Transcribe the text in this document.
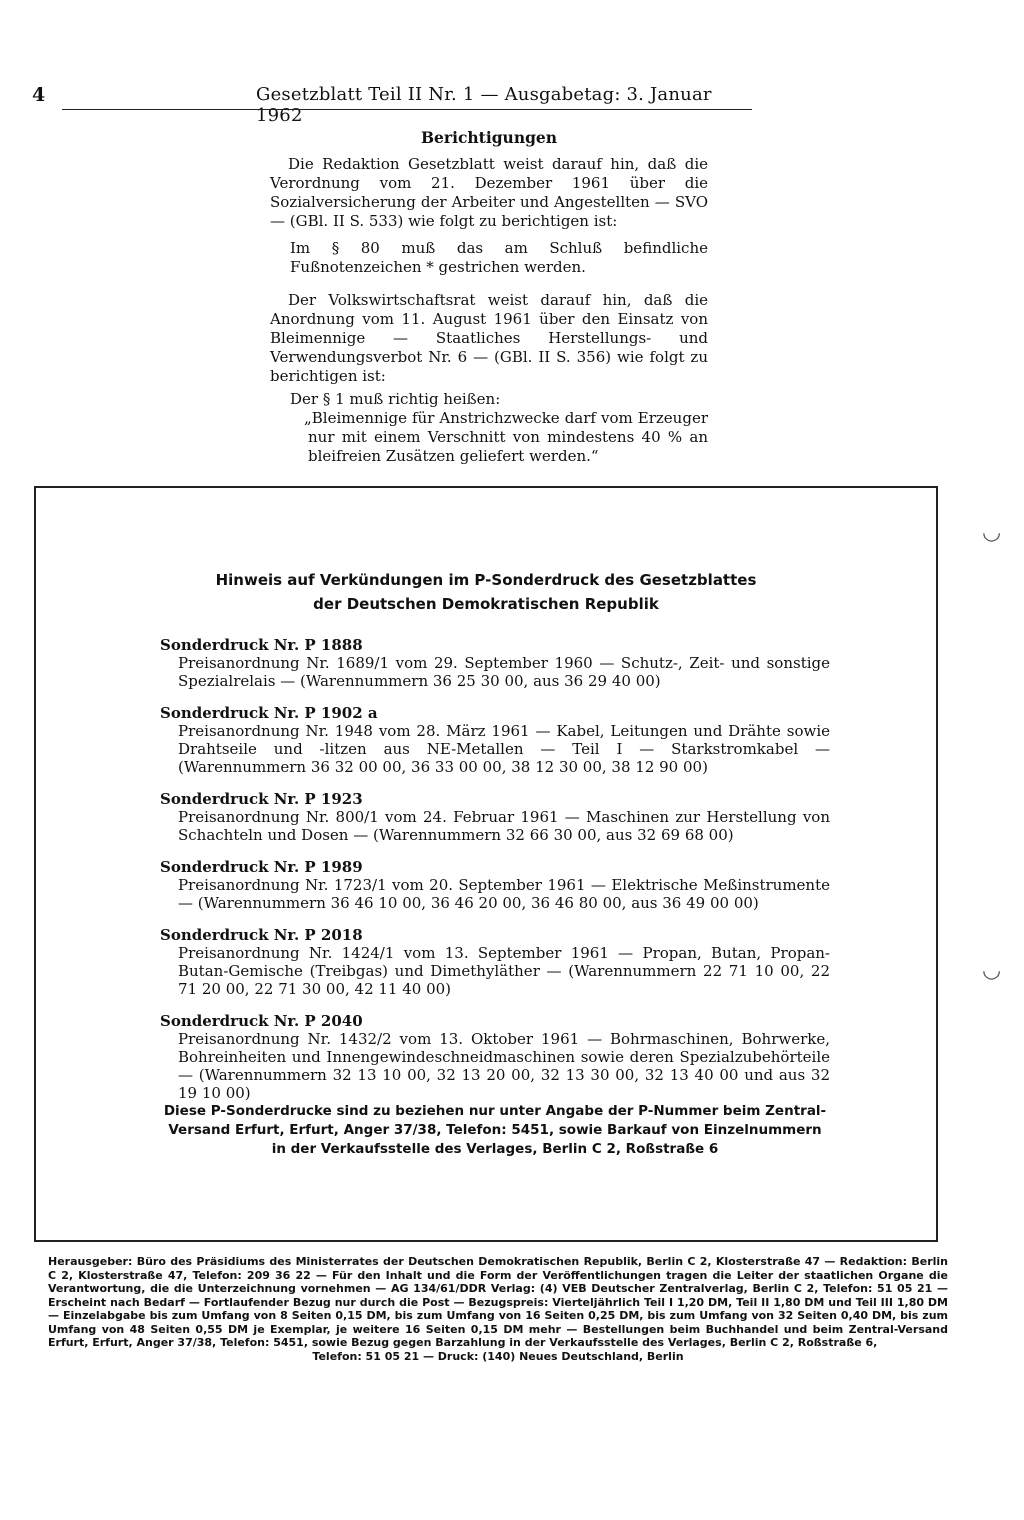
4	Gesetzblatt Teil II Nr. 1 — Ausgabetag: 3. Januar 1962
Berichtigungen

Die Redaktion Gesetzblatt weist darauf hin, daß die Verordnung vom 21. Dezember 1961 über die Sozialversicherung der Arbeiter und Angestellten — SVO — (GBl. II S. 533) wie folgt zu berichtigen ist:

Im § 80 muß das am Schluß befindliche Fußnotenzeichen * gestrichen werden.

Der Volkswirtschaftsrat weist darauf hin, daß die Anordnung vom 11. August 1961 über den Einsatz von Bleimennige — Staatliches Herstellungs- und Verwendungsverbot Nr. 6 — (GBl. II S. 356) wie folgt zu berichtigen ist:

Der § 1 muß richtig heißen:

„Bleimennige für Anstrichzwecke darf vom Erzeuger nur mit einem Verschnitt von mindestens 40 % an bleifreien Zusätzen geliefert werden.“

Hinweis auf Verkündungen im P-Sonderdruck des Gesetzblattes
der Deutschen Demokratischen Republik

Sonderdruck Nr. P 1888

Preisanordnung Nr. 1689/1 vom 29. September 1960 — Schutz-, Zeit- und sonstige Spezialrelais — (Warennummern 36 25 30 00, aus 36 29 40 00)

Sonderdruck Nr. P 1902 a

Preisanordnung Nr. 1948 vom 28. März 1961 — Kabel, Leitungen und Drähte sowie Drahtseile und -litzen aus NE-Metallen — Teil I — Starkstromkabel — (Warennummern 36 32 00 00, 36 33 00 00, 38 12 30 00, 38 12 90 00)

Sonderdruck Nr. P 1923

Preisanordnung Nr. 800/1 vom 24. Februar 1961 — Maschinen zur Herstellung von Schachteln und Dosen — (Warennummern 32 66 30 00, aus 32 69 68 00)

Sonderdruck Nr. P 1989

Preisanordnung Nr. 1723/1 vom 20. September 1961 — Elektrische Meßinstrumente — (Warennummern 36 46 10 00, 36 46 20 00, 36 46 80 00, aus 36 49 00 00)

Sonderdruck Nr. P 2018

Preisanordnung Nr. 1424/1 vom 13. September 1961 — Propan, Butan, Propan-Butan-Gemische (Treibgas) und Dimethyläther — (Warennummern 22 71 10 00, 22 71 20 00, 22 71 30 00, 42 11 40 00)

Sonderdruck Nr. P 2040

Preisanordnung Nr. 1432/2 vom 13. Oktober 1961 — Bohrmaschinen, Bohrwerke, Bohreinheiten und Innengewindeschneidmaschinen sowie deren Spezialzubehörteile — (Warennummern 32 13 10 00, 32 13 20 00, 32 13 30 00, 32 13 40 00 und aus 32 19 10 00)

Diese P-Sonderdrucke sind zu beziehen nur unter Angabe der P-Nummer beim Zentral-Versand Erfurt, Erfurt, Anger 37/38, Telefon: 5451, sowie Barkauf von Einzelnummern in der Verkaufsstelle des Verlages, Berlin C 2, Roßstraße 6
Herausgeber: Büro des Präsidiums des Ministerrates der Deutschen Demokratischen Republik, Berlin C 2, Klosterstraße 47 — Redaktion: Berlin C 2, Klosterstraße 47, Telefon: 209 36 22 — Für den Inhalt und die Form der Veröffentlichungen tragen die Leiter der staatlichen Organe die Verantwortung, die die Unterzeichnung vornehmen — AG 134/61/DDR Verlag: (4) VEB Deutscher Zentralverlag, Berlin C 2, Telefon: 51 05 21 — Erscheint nach Bedarf — Fortlaufender Bezug nur durch die Post — Bezugspreis: Vierteljährlich Teil I 1,20 DM, Teil II 1,80 DM und Teil III 1,80 DM — Einzelabgabe bis zum Umfang von 8 Seiten 0,15 DM, bis zum Umfang von 16 Seiten 0,25 DM, bis zum Umfang von 32 Seiten 0,40 DM, bis zum Umfang von 48 Seiten 0,55 DM je Exemplar, je weitere 16 Seiten 0,15 DM mehr — Bestellungen beim Buchhandel und beim Zentral-Versand Erfurt, Erfurt, Anger 37/38, Telefon: 5451, sowie Bezug gegen Barzahlung in der Verkaufsstelle des Verlages, Berlin C 2, Roßstraße 6,
Telefon: 51 05 21 — Druck: (140) Neues Deutschland, Berlin
◡
◡
